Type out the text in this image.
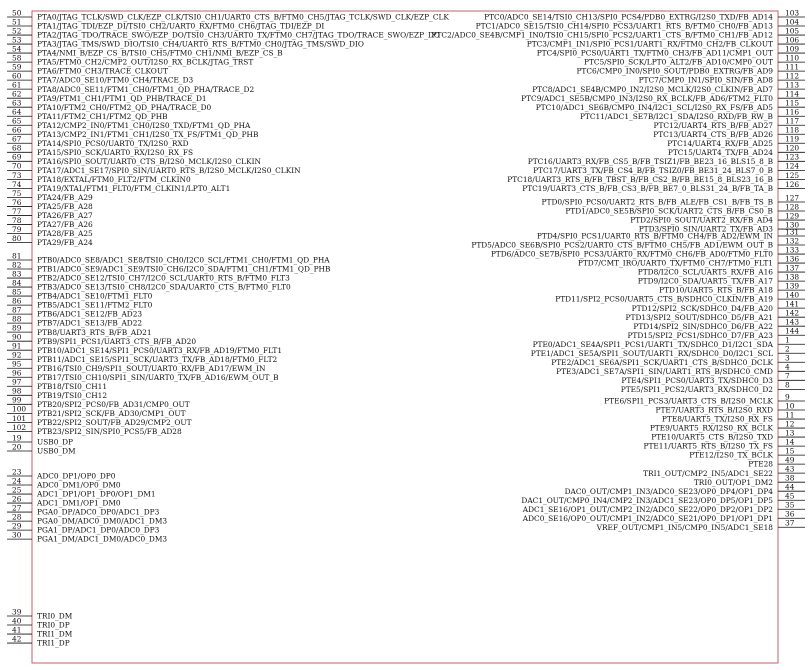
50 PTA0/JTAG_TCLK/SWD_CLK/EZP_CLK/TSI0_CH1/UART0_CTS_B/FTM0_CH5/JTAG_TCLK/SWD_CLK/EZP_CLK
51 PTA1/JTAG_TDI/EZP_DI/TSI0_CH2/UART0_RX/FTM0_CH6/JTAG_TDI/EZP_DI
52 PTA2/JTAG_TDO/TRACE_SWO/EZP_DO/TSI0_CH3/UART0_TX/FTM0_CH7/JTAG_TDO/TRACE_SWO/EZP_DO
53 PTA3/JTAG_TMS/SWD_DIO/TSI0_CH4/UART0_RTS_B/FTM0_CH0/JTAG_TMS/SWD_DIO
54 PTA4/NMI_B/EZP_CS_B/TSI0_CH5/FTM0_CH1/NMI_B/EZP_CS_B
58 PTA5/FTM0_CH2/CMP2_OUT/I2S0_RX_BCLK/JTAG_TRST
59 PTA6/FTM0_CH3/TRACE_CLKOUT
60 PTA7/ADC0_SE10/FTM0_CH4/TRACE_D3
61 PTA8/ADC0_SE11/FTM1_CH0/FTM1_QD_PHA/TRACE_D2
62 PTA9/FTM1_CH1/FTM1_QD_PHB/TRACE_D1
63 PTA10/FTM2_CH0/FTM2_QD_PHA/TRACE_D0
64 PTA11/FTM2_CH1/FTM2_QD_PHB
65 PTA12/CMP2_IN0/FTM1_CH0/I2S0_TXD/FTM1_QD_PHA
66 PTA13/CMP2_IN1/FTM1_CH1/I2S0_TX_FS/FTM1_QD_PHB
67 PTA14/SPI0_PCS0/UART0_TX/I2S0_RXD
68 PTA15/SPI0_SCK/UART0_RX/I2S0_RX_FS
69 PTA16/SPI0_SOUT/UART0_CTS_B/I2S0_MCLK/I2S0_CLKIN
70 PTA17/ADC1_SE17/SPI0_SIN/UART0_RTS_B/I2S0_MCLK/I2S0_CLKIN
73 PTA18/EXTAL/FTM0_FLT2/FTM_CLKIN0
74 PTA19/XTAL/FTM1_FLT0/FTM_CLKIN1/LPT0_ALT1
75 PTA24/FB_A29
76 PTA25/FB_A28
77 PTA26/FB_A27
78 PTA27/FB_A26
79 PTA28/FB_A25
80 PTA29/FB_A24
81 PTB0/ADC0_SE8/ADC1_SE8/TSI0_CH0/I2C0_SCL/FTM1_CH0/FTM1_QD_PHA
82 PTB1/ADC0_SE9/ADC1_SE9/TSI0_CH6/I2C0_SDA/FTM1_CH1/FTM1_QD_PHB
83 PTB2/ADC0_SE12/TSI0_CH7/I2C0_SCL/UART0_RTS_B/FTM0_FLT3
84 PTB3/ADC0_SE13/TSI0_CH8/I2C0_SDA/UART0_CTS_B/FTM0_FLT0
85 PTB4/ADC1_SE10/FTM1_FLT0
86 PTB5/ADC1_SE11/FTM2_FLT0
87 PTB6/ADC1_SE12/FB_AD23
88 PTB7/ADC1_SE13/FB_AD22
89 PTB8/UART3_RTS_B/FB_AD21
90 PTB9/SPI1_PCS1/UART3_CTS_B/FB_AD20
91 PTB10/ADC1_SE14/SPI1_PCS0/UART3_RX/FB_AD19/FTM0_FLT1
92 PTB11/ADC1_SE15/SPI1_SCK/UART3_TX/FB_AD18/FTM0_FLT2
95 PTB16/TSI0_CH9/SPI1_SOUT/UART0_RX/FB_AD17/EWM_IN
96 PTB17/TSI0_CH10/SPI1_SIN/UART0_TX/FB_AD16/EWM_OUT_B
97 PTB18/TSI0_CH11
98 PTB19/TSI0_CH12
99 PTB20/SPI2_PCS0/FB_AD31/CMP0_OUT
100 PTB21/SPI2_SCK/FB_AD30/CMP1_OUT
101 PTB22/SPI2_SOUT/FB_AD29/CMP2_OUT
102 PTB23/SPI2_SIN/SPI0_PCS5/FB_AD28
19 USB0_DP
20 USB0_DM
23 ADC0_DP1/OP0_DP0
24 ADC0_DM1/OP0_DM0
25 ADC1_DP1/OP1_DP0/OP1_DM1
26 ADC1_DM1/OP1_DM0
27 PGA0_DP/ADC0_DP0/ADC1_DP3
28 PGA0_DM/ADC0_DM0/ADC1_DM3
29 PGA1_DP/ADC1_DP0/ADC0_DP3
30 PGA1_DM/ADC1_DM0/ADC0_DM3
39 TRI0_DM
40 TRI0_DP
41 TRI1_DM
42 TRI1_DP
103
PTC0/ADC0_SE14/TSI0_CH13/SPI0_PCS4/PDB0_EXTRG/I2S0_TXD/FB_AD14
104
PTC1/ADC0_SE15/TSI0_CH14/SPI0_PCS3/UART1_RTS_B/FTM0_CH0/FB_AD13
105
PTC2/ADC0_SE4B/CMP1_IN0/TSI0_CH15/SPI0_PCS2/UART1_CTS_B/FTM0_CH1/FB_AD12
106
PTC3/CMP1_IN1/SPI0_PCS1/UART1_RX/FTM0_CH2/FB_CLKOUT
109
PTC4/SPI0_PCS0/UART1_TX/FTM0_CH3/FB_AD11/CMP1_OUT
110
PTC5/SPI0_SCK/LPT0_ALT2/FB_AD10/CMP0_OUT
111
PTC6/CMP0_IN0/SPI0_SOUT/PDB0_EXTRG/FB_AD9
112
PTC7/CMP0_IN1/SPI0_SIN/FB_AD8
113
PTC8/ADC1_SE4B/CMP0_IN2/I2S0_MCLK/I2S0_CLKIN/FB_AD7
114
PTC9/ADC1_SE5B/CMP0_IN3/I2S0_RX_BCLK/FB_AD6/FTM2_FLT0
115
PTC10/ADC1_SE6B/CMP0_IN4/I2C1_SCL/I2S0_RX_FS/FB_AD5
116
PTC11/ADC1_SE7B/I2C1_SDA/I2S0_RXD/FB_RW_B
117
PTC12/UART4_RTS_B/FB_AD27
118
PTC13/UART4_CTS_B/FB_AD26
119
PTC14/UART4_RX/FB_AD25
120
PTC15/UART4_TX/FB_AD24
123
PTC16/UART3_RX/FB_CS5_B/FB_TSIZ1/FB_BE23_16_BLS15_8_B
124
PTC17/UART3_TX/FB_CS4_B/FB_TSIZ0/FB_BE31_24_BLS7_0_B
125
PTC18/UART3_RTS_B/FB_TBST_B/FB_CS2_B/FB_BE15_8_BLS23_16_B
126
PTC19/UART3_CTS_B/FB_CS3_B/FB_BE7_0_BLS31_24_B/FB_TA_B
127
PTD0/SPI0_PCS0/UART2_RTS_B/FB_ALE/FB_CS1_B/FB_TS_B
128
PTD1/ADC0_SE5B/SPI0_SCK/UART2_CTS_B/FB_CS0_B
129
PTD2/SPI0_SOUT/UART2_RX/FB_AD4
130
PTD3/SPI0_SIN/UART2_TX/FB_AD3 131
PTD4/SPI0_PCS1/UART0_RTS_B/FTM0_CH4/FB_AD2/EWM_IN
132
PTD5/ADC0_SE6B/SPI0_PCS2/UART0_CTS_B/FTM0_CH5/FB_AD1/EWM_OUT_B
133
PTD6/ADC0_SE7B/SPI0_PCS3/UART0_RX/FTM0_CH6/FB_AD0/FTM0_FLT0
136
PTD7/CMT_IRO/UART0_TX/FTM0_CH7/FTM0_FLT1
137
PTD8/I2C0_SCL/UART5_RX/FB_A16
138
PTD9/I2C0_SDA/UART5_TX/FB_A17
139
PTD10/UART5_RTS_B/FB_A18
140
PTD11/SPI2_PCS0/UART5_CTS_B/SDHC0_CLKIN/FB_A19
141
PTD12/SPI2_SCK/SDHC0_D4/FB_A20
142
PTD13/SPI2_SOUT/SDHC0_D5/FB_A21
143
PTD14/SPI2_SIN/SDHC0_D6/FB_A22
144
PTD15/SPI2_PCS1/SDHC0_D7/FB_A23
1
PTE0/ADC1_SE4A/SPI1_PCS1/UART1_TX/SDHC0_D1/I2C1_SDA
2
PTE1/ADC1_SE5A/SPI1_SOUT/UART1_RX/SDHC0_D0/I2C1_SCL
3
PTE2/ADC1_SE6A/SPI1_SCK/UART1_CTS_B/SDHC0_DCLK
4
PTE3/ADC1_SE7A/SPI1_SIN/UART1_RTS_B/SDHC0_CMD
7
PTE4/SPI1_PCS0/UART3_TX/SDHC0_D3
8
PTE5/SPI1_PCS2/UART3_RX/SDHC0_D2
9
PTE6/SPI1_PCS3/UART3_CTS_B/I2S0_MCLK
10
PTE7/UART3_RTS_B/I2S0_RXD
11
PTE8/UART5_TX/I2S0_RX_FS
12
PTE9/UART5_RX/I2S0_RX_BCLK
13
PTE10/UART5_CTS_B/I2S0_TXD
14
PTE11/UART5_RTS_B/I2S0_TX_FS
15
PTE12/I2S0_TX_BCLK
49
PTE28
43
TRI1_OUT/CMP2_IN5/ADC1_SE22
38
TRI0_OUT/OP1_DM2
44
DAC0_OUT/CMP1_IN3/ADC0_SE23/OP0_DP4/OP1_DP4
45
DAC1_OUT/CMP0_IN4/CMP2_IN3/ADC1_SE23/OP0_DP5/OP1_DP5
35
ADC1_SE16/OP1_OUT/CMP2_IN2/ADC0_SE22/OP0_DP2/OP1_DP2
36
ADC0_SE16/OP0_OUT/CMP1_IN2/ADC0_SE21/OP0_DP1/OP1_DP1
37
VREF_OUT/CMP1_IN5/CMP0_IN5/ADC1_SE18
